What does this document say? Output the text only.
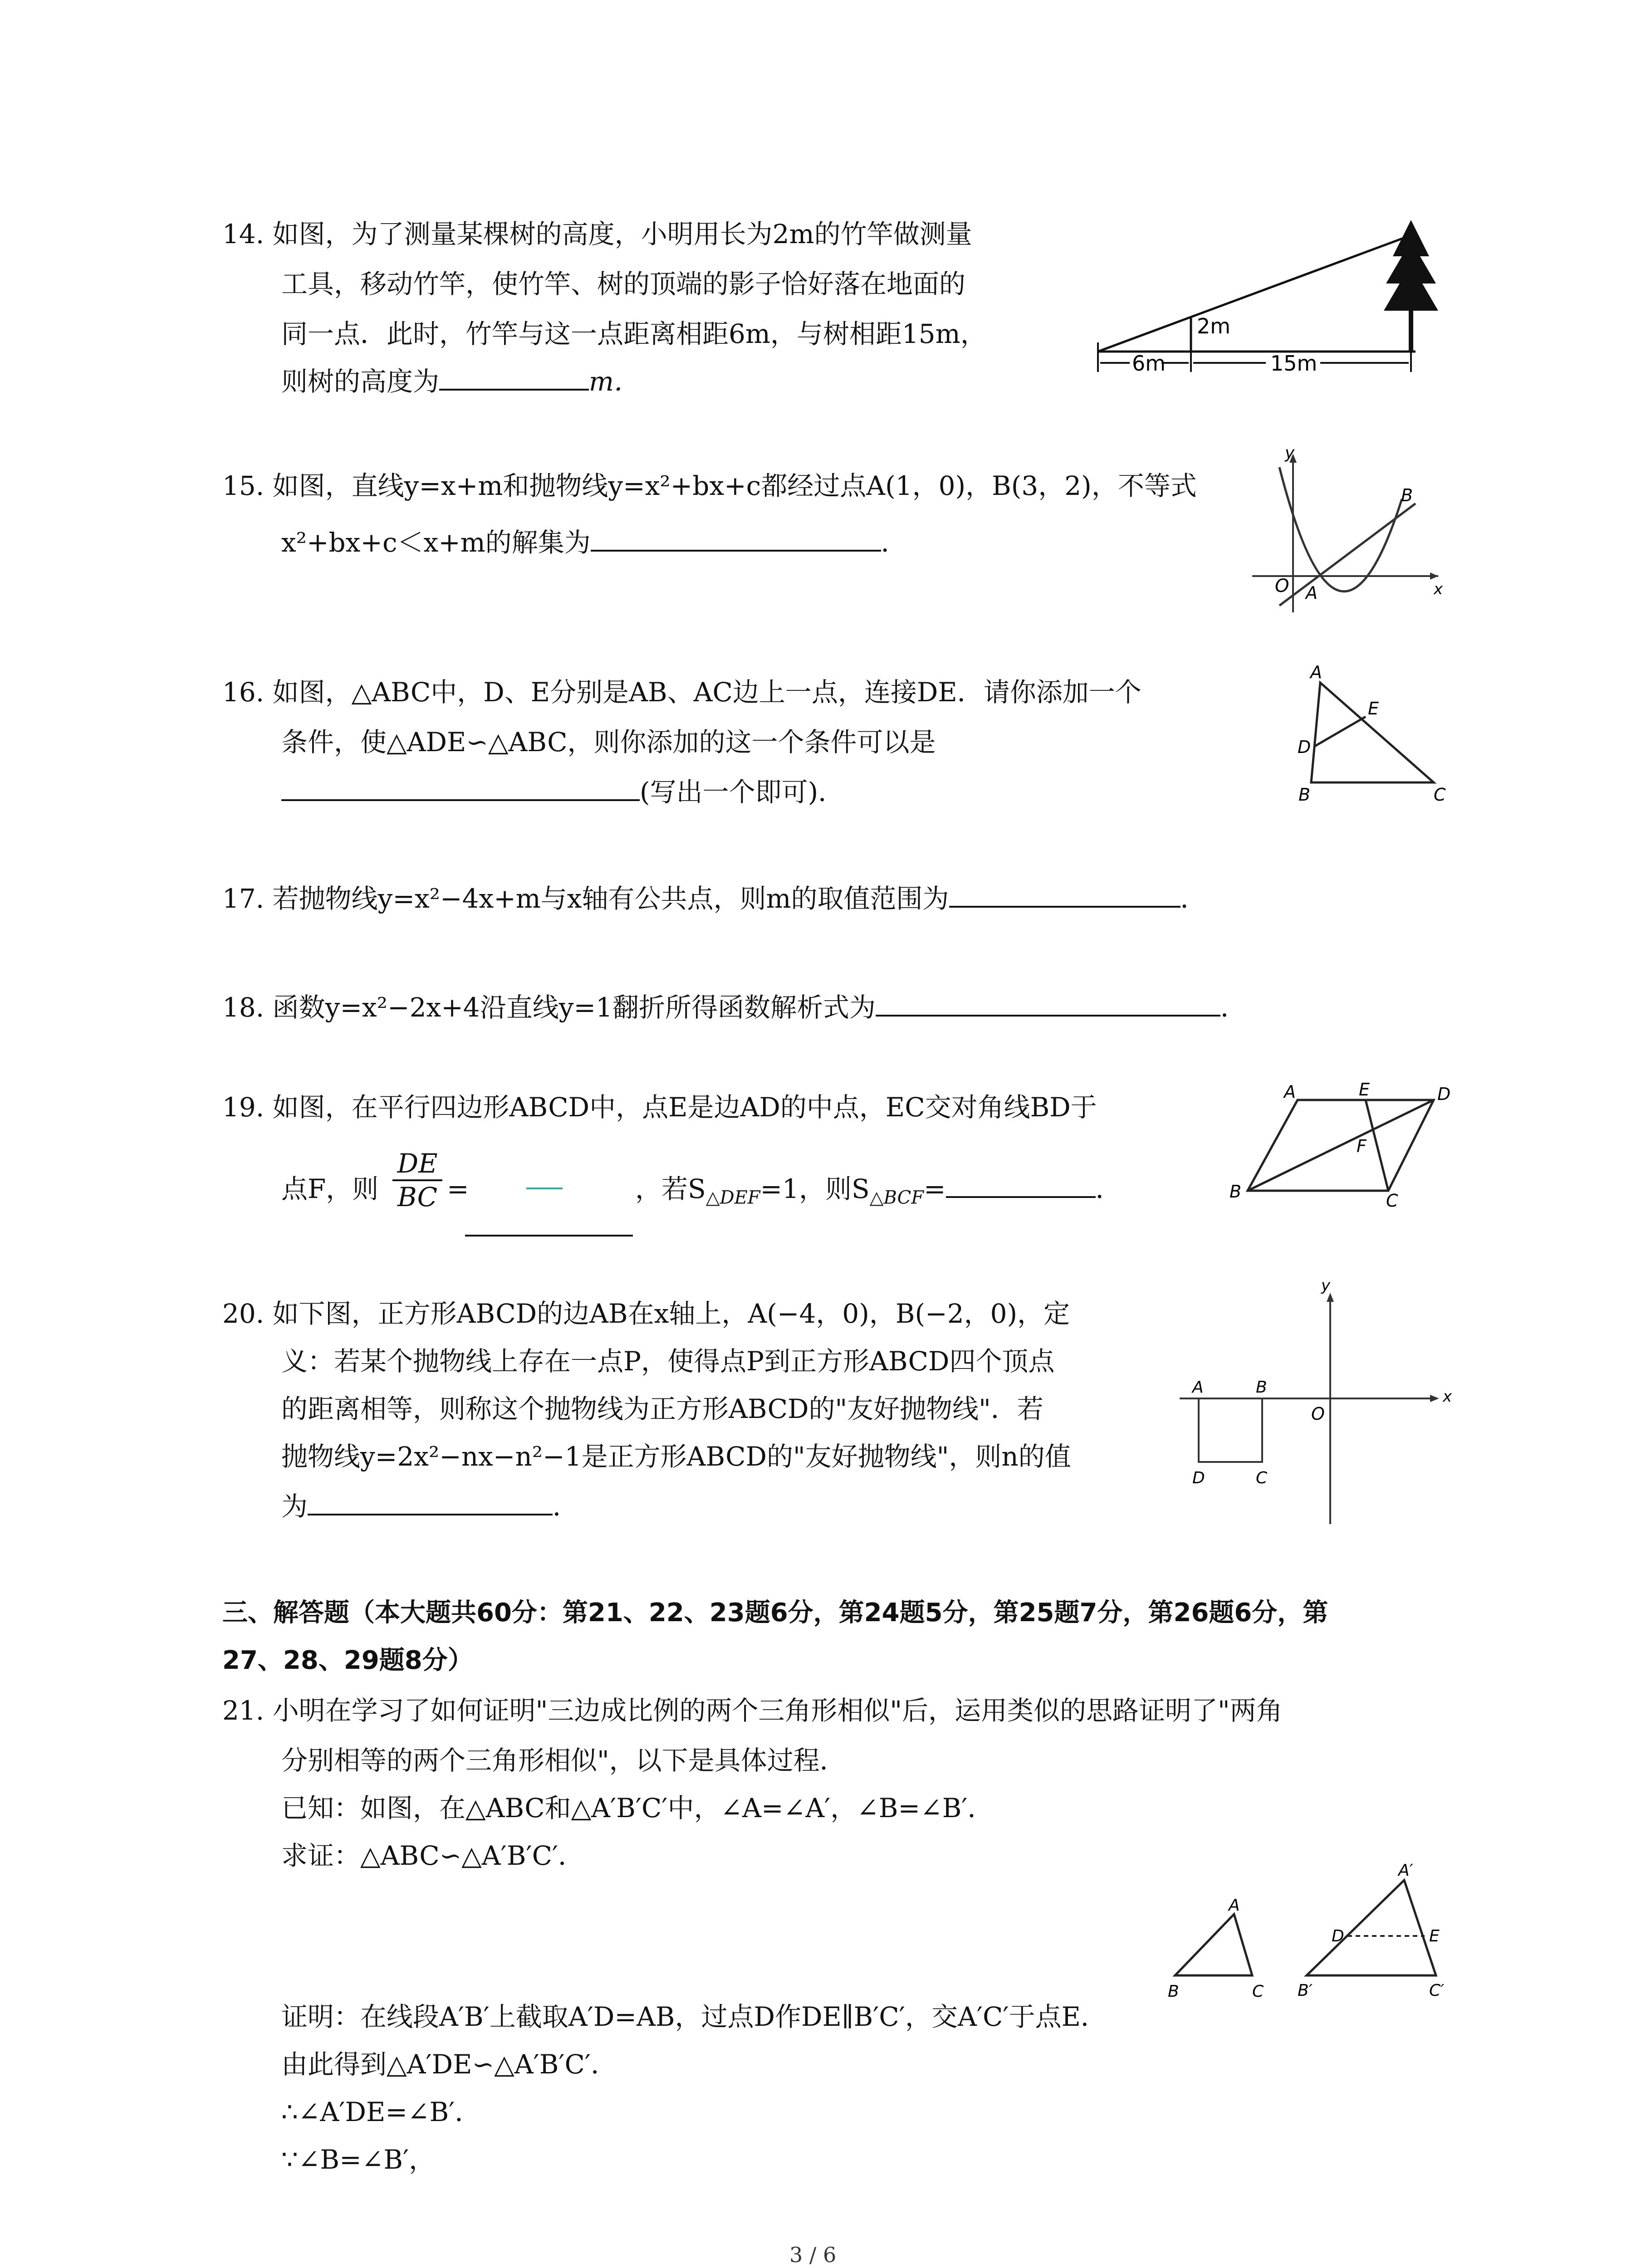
14. 如图，为了测量某棵树的高度，小明用长为2m的竹竿做测量
工具，移动竹竿，使竹竿、树的顶端的影子恰好落在地面的
同一点．此时，竹竿与这一点距离相距6m，与树相距15m，
则树的高度为	m．
2m
6m	15m
15. 如图，直线y=x+m和抛物线y=x²+bx+c都经过点A(1，0)，B(3，2)，不等式
x²+bx+c＜x+m的解集为	．
y
x
O A
B
16. 如图，△ABC中，D、E分别是AB、AC边上一点，连接DE．请你添加一个
条件，使△ADE∽△ABC，则你添加的这一个条件可以是
(写出一个即可)．
A
E
D
B	C
17. 若抛物线y=x²−4x+m与x轴有公共点，则m的取值范围为	．
18. 函数y=x²−2x+4沿直线y=1翻折所得函数解析式为	．
19. 如图，在平行四边形ABCD中，点E是边AD的中点，EC交对角线BD于
点F，则 $\frac{DE}{BC}$ =	，若$S_{\triangle DEF}=1$，则$S_{\triangle BCF}=$	．
A	E	D
F
B	C
20. 如下图，正方形ABCD的边AB在x轴上，A(−4，0)，B(−2，0)，定
义：若某个抛物线上存在一点P，使得点P到正方形ABCD四个顶点
的距离相等，则称这个抛物线为正方形ABCD的"友好抛物线"．若
抛物线y=2x²−nx−n²−1是正方形ABCD的"友好抛物线"，则n的值
为	．
y
x
O
A	B
D	C
三、解答题（本大题共60分：第21、22、23题6分，第24题5分，第25题7分，第26题6分，第
27、28、29题8分）
21. 小明在学习了如何证明"三边成比例的两个三角形相似"后，运用类似的思路证明了"两角
分别相等的两个三角形相似"，以下是具体过程．
已知：如图，在△ABC和△A′B′C′中，∠A=∠A′，∠B=∠B′．
求证：△ABC∽△A′B′C′．
A
B	C
A′
D	E
B′	C′
证明：在线段A′B′上截取A′D=AB，过点D作DE∥B′C′，交A′C′于点E．
由此得到△A′DE∽△A′B′C′．
∴∠A′DE=∠B′．
∵∠B=∠B′，
3 / 6
